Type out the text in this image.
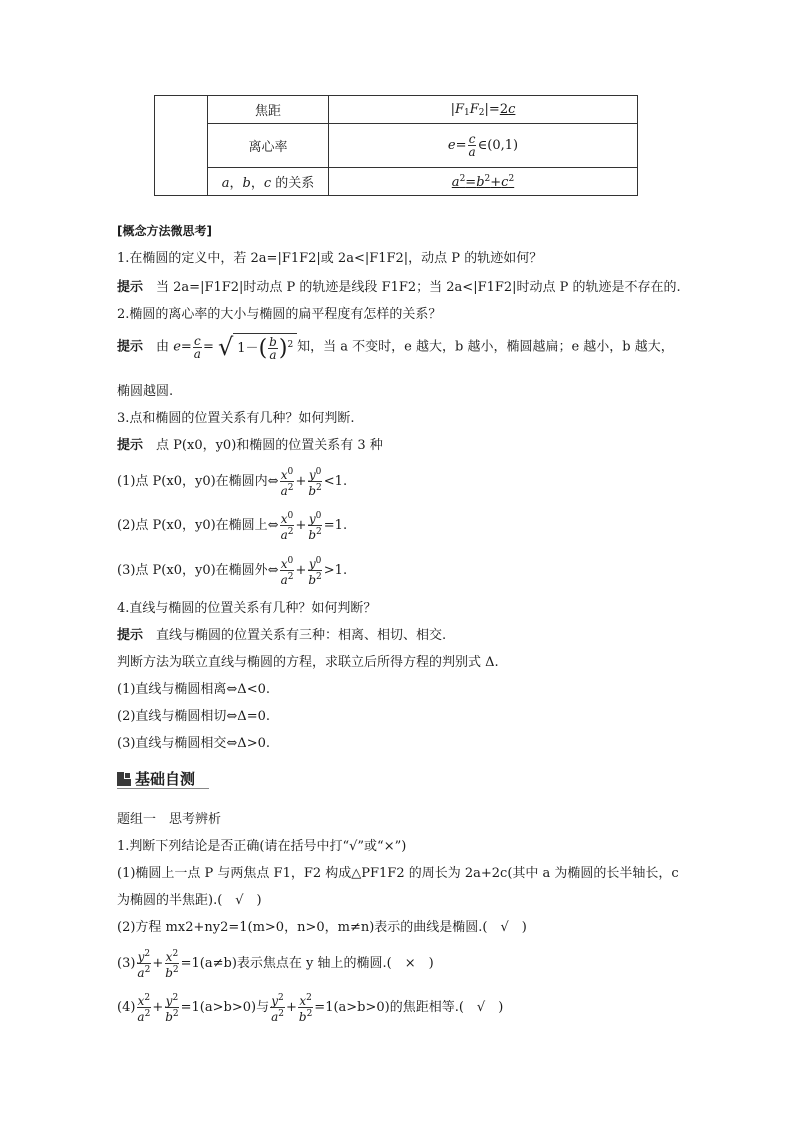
	焦距	$|F_1F_2|=2c$
	离心率	$e= \frac{c}{a}$ ∈(0,1)
	a，b，c 的关系	$a^2=b^2+c^2$
[概念方法微思考]
1.在椭圆的定义中，若 2a=|F1F2|或 2a<|F1F2|，动点 P 的轨迹如何？
提示　 当 2a=|F1F2|时动点 P 的轨迹是线段 F1F2；当 2a<|F1F2|时动点 P 的轨迹是不存在的.
2.椭圆的离心率的大小与椭圆的扁平程度有怎样的关系？
提示　 由 $e= \frac{c}{a}$ = √ $1-( \frac{b}{a} )^2$ 知，当 a 不变时，e 越大，b 越小，椭圆越扁；e 越小，b 越大，
椭圆越圆.
3.点和椭圆的位置关系有几种？如何判断.
提示　 点 P(x0，y0)和椭圆的位置关系有 3 种
(1)点 P(x0，y0)在椭圆内⇔ $\frac{x^0}{a^2} + \frac{y^0}{b^2} <1$.
(2)点 P(x0，y0)在椭圆上⇔ $\frac{x^0}{a^2} + \frac{y^0}{b^2} =1$.
(3)点 P(x0，y0)在椭圆外⇔ $\frac{x^0}{a^2} + \frac{y^0}{b^2} >1$.
4.直线与椭圆的位置关系有几种？如何判断？
提示　 直线与椭圆的位置关系有三种：相离、相切、相交.
判断方法为联立直线与椭圆的方程，求联立后所得方程的判别式 Δ.
(1)直线与椭圆相离⇔Δ<0.
(2)直线与椭圆相切⇔Δ=0.
(3)直线与椭圆相交⇔Δ>0.
基础自测
题组一　思考辨析
1.判断下列结论是否正确(请在括号中打“√”或“×”)
(1)椭圆上一点 P 与两焦点 F1，F2 构成△PF1F2 的周长为 2a+2c(其中 a 为椭圆的长半轴长，c
为椭圆的半焦距).(　√　)
(2)方程 mx2+ny2=1(m>0，n>0，m≠n)表示的曲线是椭圆.(　√　)
$(3) \frac{y^2}{a^2} + \frac{x^2}{b^2} =1(a\ne b)$表示焦点在 y 轴上的椭圆.(　×　)
$(4) \frac{x^2}{a^2} + \frac{y^2}{b^2} =1(a>b>0)$与 $\frac{y^2}{a^2} + \frac{x^2}{b^2} =1(a>b>0)$的焦距相等.(　√　)
